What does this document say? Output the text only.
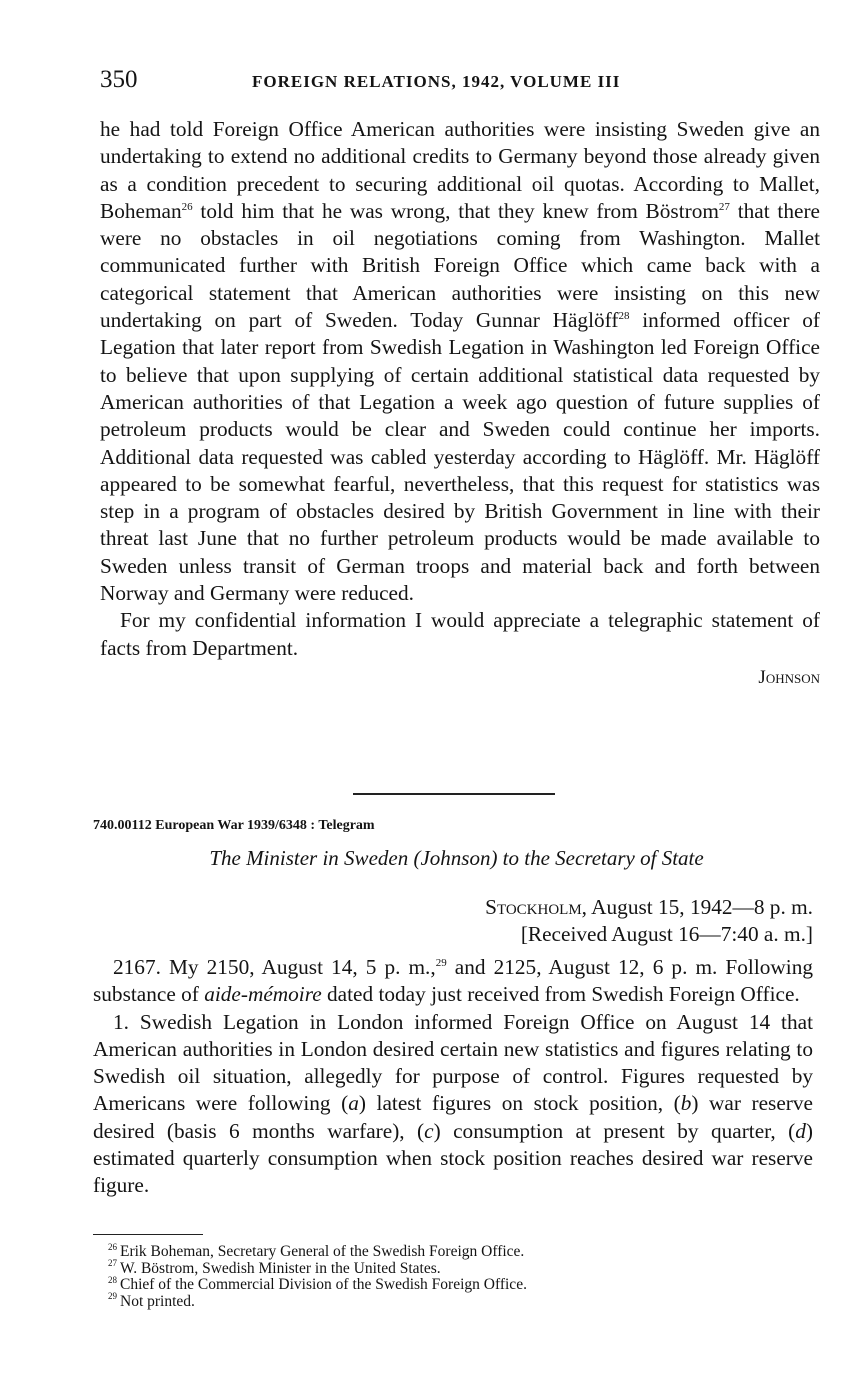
350	FOREIGN RELATIONS, 1942, VOLUME III

he had told Foreign Office American authorities were insisting Sweden give an undertaking to extend no additional credits to Germany beyond those already given as a condition precedent to securing additional oil quotas. According to Mallet, Boheman$^{26}$ told him that he was wrong, that they knew from Böstrom$^{27}$ that there were no obstacles in oil negotiations coming from Washington. Mallet communicated further with British Foreign Office which came back with a categorical statement that American authorities were insisting on this new undertaking on part of Sweden. Today Gunnar Häglöff$^{28}$ informed officer of Legation that later report from Swedish Legation in Washington led Foreign Office to believe that upon supplying of certain additional statistical data requested by American authorities of that Legation a week ago question of future supplies of petroleum products would be clear and Sweden could continue her imports. Additional data requested was cabled yesterday according to Häglöff. Mr. Häglöff appeared to be somewhat fearful, nevertheless, that this request for statistics was step in a program of obstacles desired by British Government in line with their threat last June that no further petroleum products would be made available to Sweden unless transit of German troops and material back and forth between Norway and Germany were reduced.

For my confidential information I would appreciate a telegraphic statement of facts from Department.

Johnson
740.00112 European War 1939/6348 : Telegram
The Minister in Sweden (Johnson) to the Secretary of State
Stockholm, August 15, 1942—8 p. m.
[Received August 16—7:40 a. m.]

2167. My 2150, August 14, 5 p. m.,$^{29}$ and 2125, August 12, 6 p. m. Following substance of aide-mémoire dated today just received from Swedish Foreign Office.

1. Swedish Legation in London informed Foreign Office on August 14 that American authorities in London desired certain new statistics and figures relating to Swedish oil situation, allegedly for purpose of control. Figures requested by Americans were following (a) latest figures on stock position, (b) war reserve desired (basis 6 months warfare), (c) consumption at present by quarter, (d) estimated quarterly consumption when stock position reaches desired war reserve figure.

$^{26}$ Erik Boheman, Secretary General of the Swedish Foreign Office.
$^{27}$ W. Böstrom, Swedish Minister in the United States.
$^{28}$ Chief of the Commercial Division of the Swedish Foreign Office.
$^{29}$ Not printed.
